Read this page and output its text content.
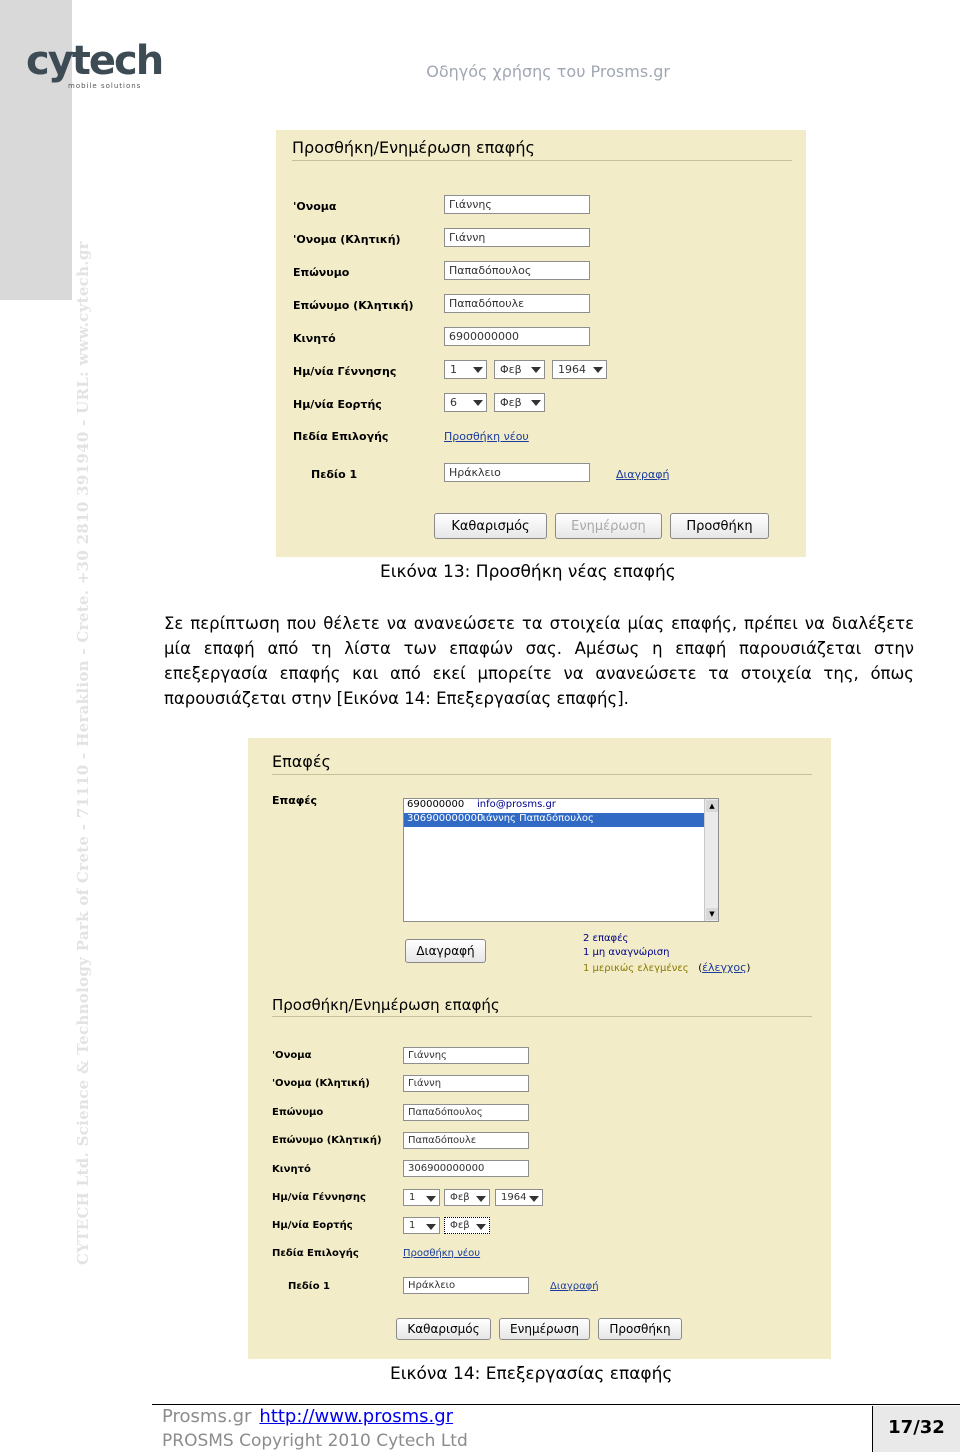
CYTECH Ltd. Science & Technology Park of Crete - 71110 - Heraklion - Crete. +30 2810 391940 - URL: www.cytech.gr
cytech
mobile solutions
Οδηγός χρήσης του Prosms.gr
Προσθήκη/Ενημέρωση επαφής
'Ονομα	Γιάννης
'Ονομα (Κλητική)	Γιάννη
Επώνυμο	Παπαδόπουλος
Επώνυμο (Κλητική)	Παπαδόπουλε
Κινητό	6900000000
Ημ/νία Γέννησης	1	Φεβ	1964
Ημ/νία Εορτής	6	Φεβ
Πεδία Επιλογής	Προσθήκη νέου
Πεδίο 1	Ηράκλειο	Διαγραφή
Καθαρισμός	Ενημέρωση	Προσθήκη
Εικόνα 13: Προσθήκη νέας επαφής
Σε περίπτωση που θέλετε να ανανεώσετε τα στοιχεία μίας επαφής, πρέπει να διαλέξετε μία επαφή από τη λίστα των επαφών σας. Αμέσως η επαφή παρουσιάζεται στην επεξεργασία επαφής και από εκεί μπορείτε να ανανεώσετε τα στοιχεία της, όπως παρουσιάζεται στην [Εικόνα 14: Επεξεργασίας επαφής].
Επαφές
Επαφές	690000000 info@prosms.gr
306900000000Γιάννης Παπαδόπουλος
▲
▼
Διαγραφή
2 επαφές
1 μη αναγνώριση
1 μερικώς ελεγμένες (έλεγχος)
Προσθήκη/Ενημέρωση επαφής
'Ονομα	Γιάννης
'Ονομα (Κλητική)	Γιάννη
Επώνυμο	Παπαδόπουλος
Επώνυμο (Κλητική)	Παπαδόπουλε
Κινητό	306900000000
Ημ/νία Γέννησης	1	Φεβ	1964
Ημ/νία Εορτής	1	Φεβ
Πεδία Επιλογής	Προσθήκη νέου
Πεδίο 1	Ηράκλειο	Διαγραφή
Καθαρισμός	Ενημέρωση	Προσθήκη
Εικόνα 14: Επεξεργασίας επαφής
Prosms.gr http://www.prosms.gr
PROSMS Copyright 2010 Cytech Ltd
17/32
